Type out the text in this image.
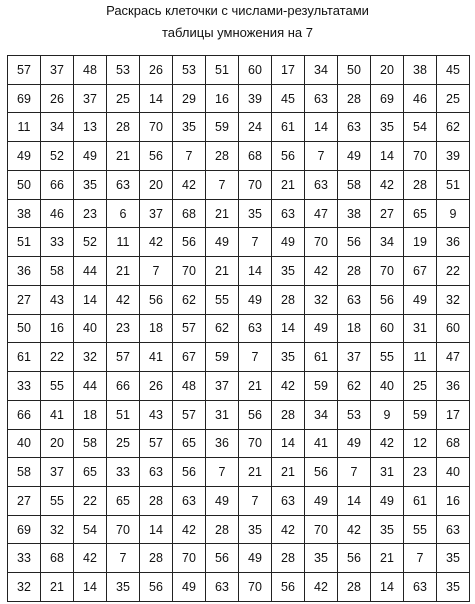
Раскрась клеточки с числами-результатами
таблицы умножения на 7
57	37	48	53	26	53	51	60	17	34	50	20	38	45
69	26	37	25	14	29	16	39	45	63	28	69	46	25
11	34	13	28	70	35	59	24	61	14	63	35	54	62
49	52	49	21	56	7	28	68	56	7	49	14	70	39
50	66	35	63	20	42	7	70	21	63	58	42	28	51
38	46	23	6	37	68	21	35	63	47	38	27	65	9
51	33	52	11	42	56	49	7	49	70	56	34	19	36
36	58	44	21	7	70	21	14	35	42	28	70	67	22
27	43	14	42	56	62	55	49	28	32	63	56	49	32
50	16	40	23	18	57	62	63	14	49	18	60	31	60
61	22	32	57	41	67	59	7	35	61	37	55	11	47
33	55	44	66	26	48	37	21	42	59	62	40	25	36
66	41	18	51	43	57	31	56	28	34	53	9	59	17
40	20	58	25	57	65	36	70	14	41	49	42	12	68
58	37	65	33	63	56	7	21	21	56	7	31	23	40
27	55	22	65	28	63	49	7	63	49	14	49	61	16
69	32	54	70	14	42	28	35	42	70	42	35	55	63
33	68	42	7	28	70	56	49	28	35	56	21	7	35
32	21	14	35	56	49	63	70	56	42	28	14	63	35
